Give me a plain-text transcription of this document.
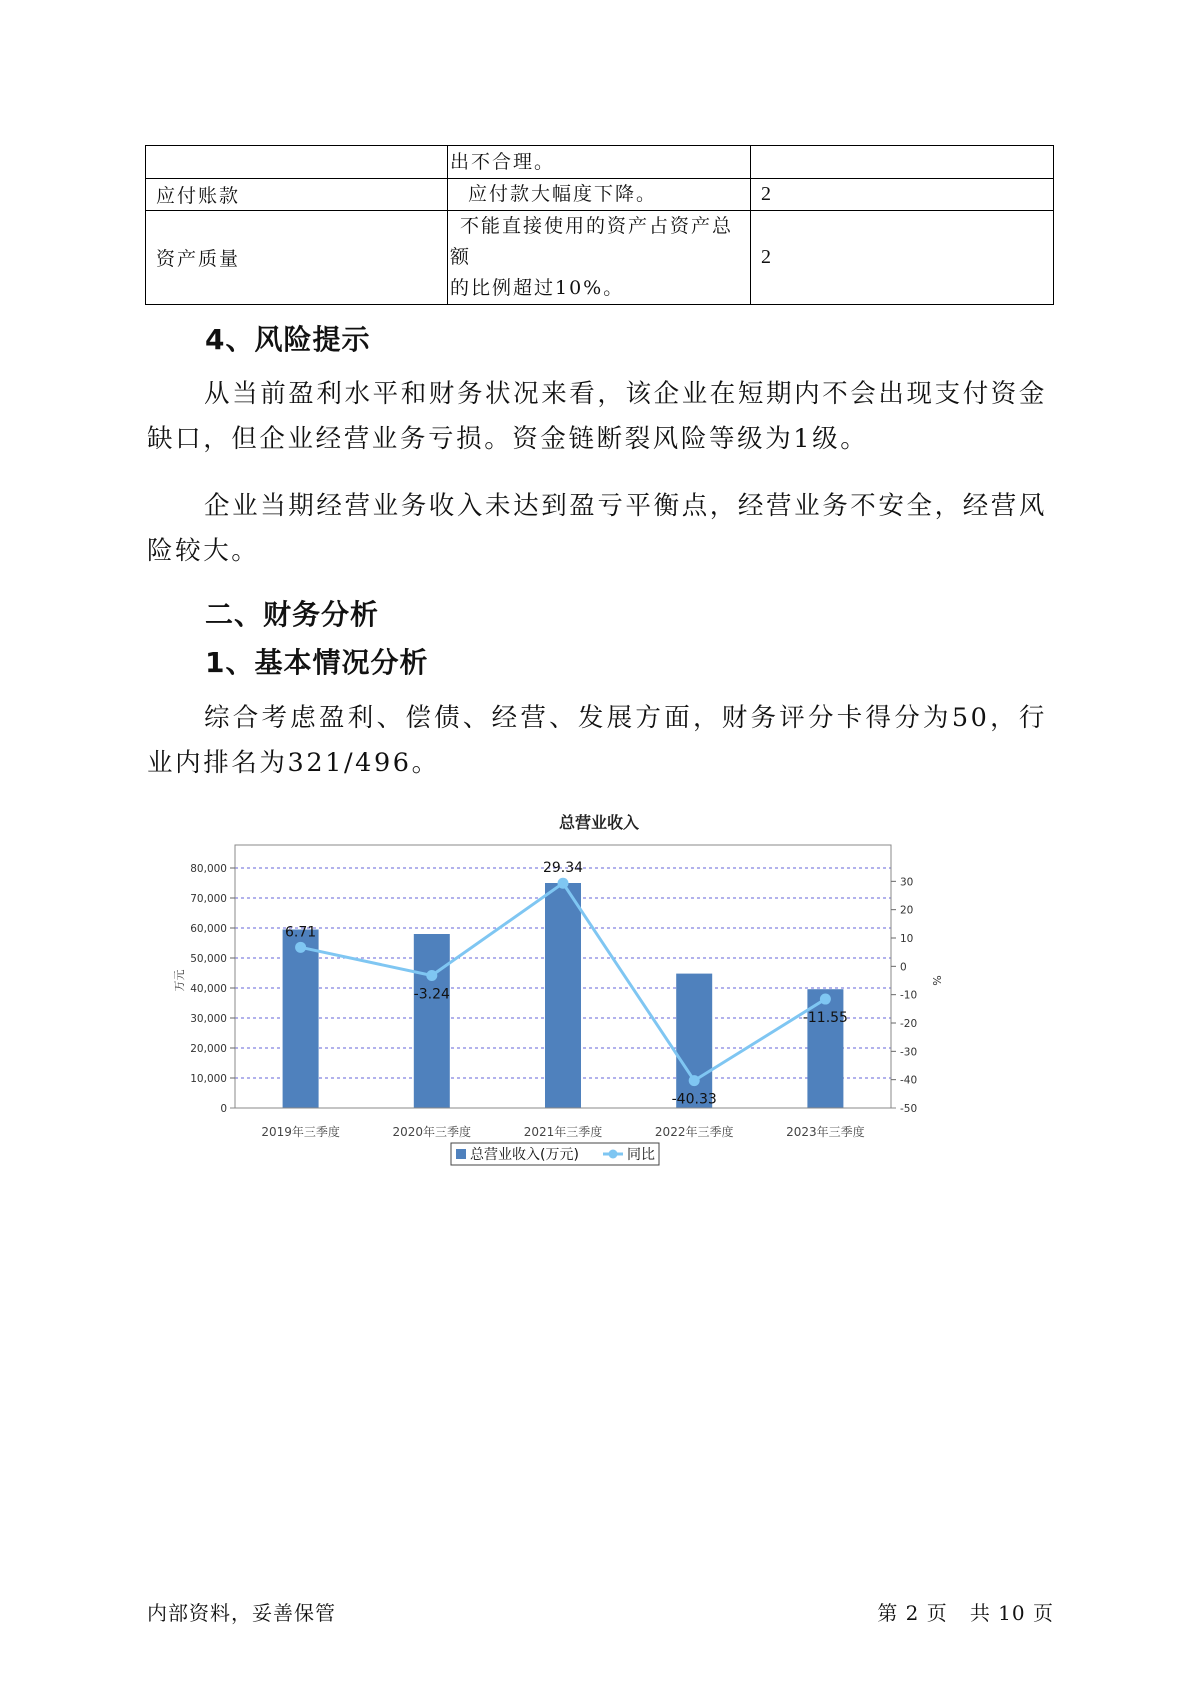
	出不合理。	
应付账款	应付款大幅度下降。	2
资产质量	不能直接使用的资产占资产总额
的比例超过10%。	2
4、风险提示

从当前盈利水平和财务状况来看，该企业在短期内不会出现支付资金缺口，但企业经营业务亏损。资金链断裂风险等级为1级。

企业当期经营业务收入未达到盈亏平衡点，经营业务不安全，经营风险较大。

二、财务分析
1、基本情况分析

综合考虑盈利、偿债、经营、发展方面，财务评分卡得分为50，行业内排名为321/496。

总营业收入
6.71
-3.24
29.34
-40.33
-11.55
0
10,000
20,000
30,000
40,000
50,000
60,000
70,000
80,000
30
20
10
0
-10
-20
-30
-40
-50
万元	%
2019年三季度	2020年三季度	2021年三季度	2022年三季度	2023年三季度
总营业收入(万元)	同比
内部资料，妥善保管	第 2 页   共 10 页
